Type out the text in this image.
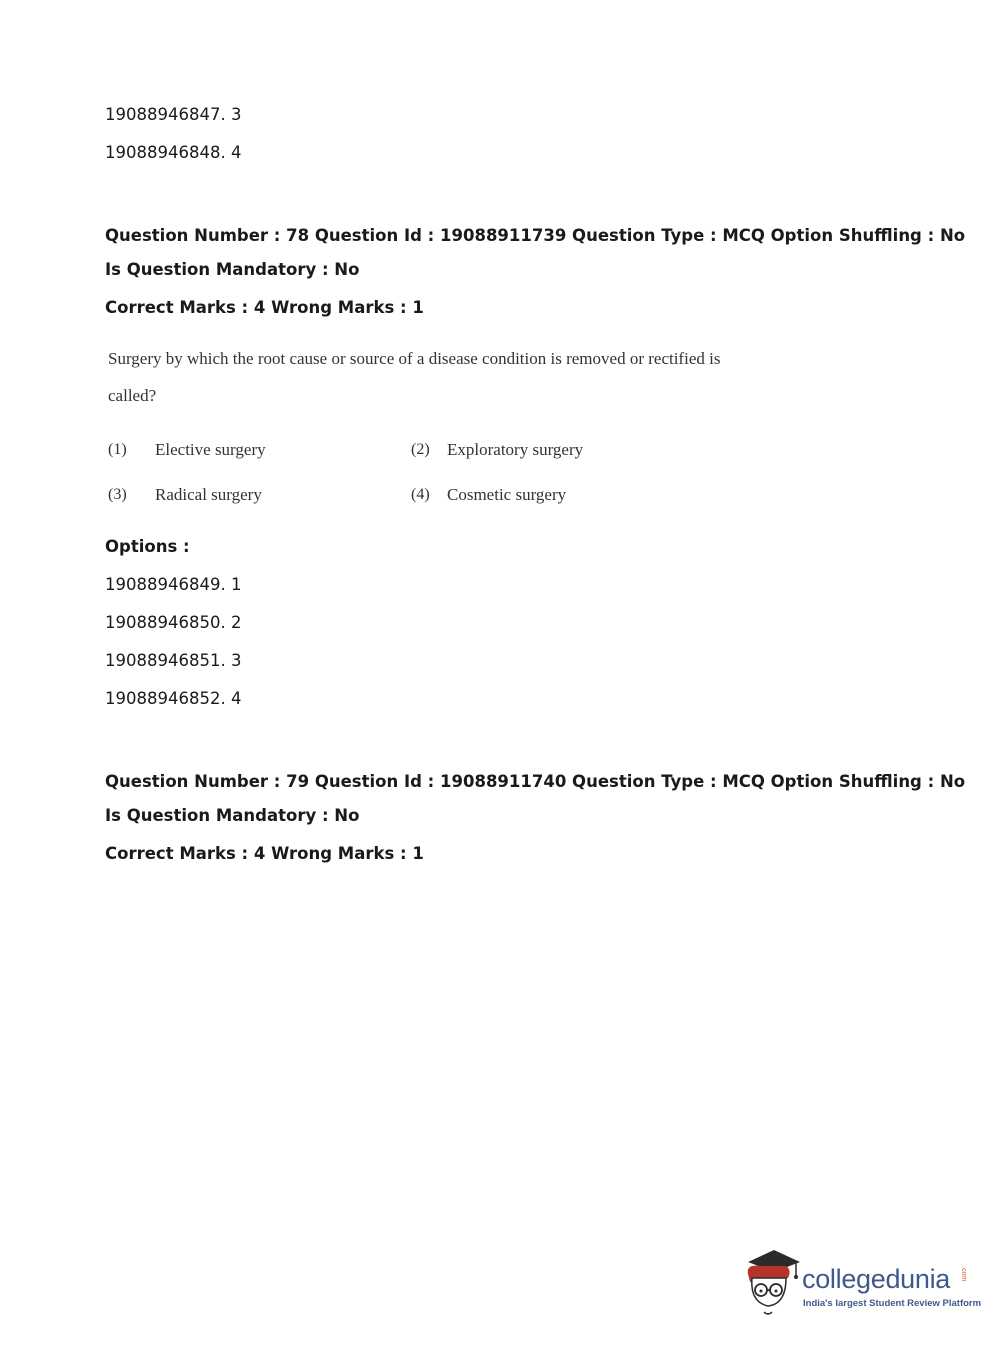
19088946847. 3
19088946848. 4
Question Number : 78 Question Id : 19088911739 Question Type : MCQ Option Shuffling : No
Is Question Mandatory : No
Correct Marks : 4 Wrong Marks : 1
Surgery by which the root cause or source of a disease condition is removed or rectified is
called?
(1) Elective surgery	(2) Exploratory surgery
(3) Radical surgery	(4) Cosmetic surgery
Options :
19088946849. 1
19088946850. 2
19088946851. 3
19088946852. 4
Question Number : 79 Question Id : 19088911740 Question Type : MCQ Option Shuffling : No
Is Question Mandatory : No
Correct Marks : 4 Wrong Marks : 1
collegedunia .com
India's largest Student Review Platform
